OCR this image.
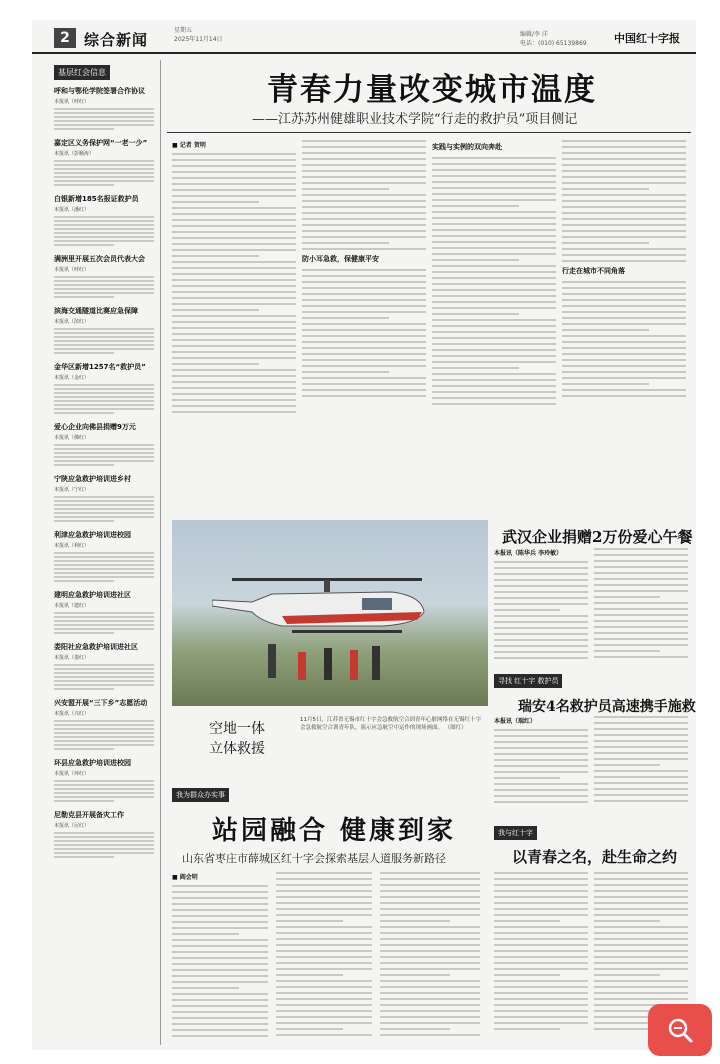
2 综合新闻
星期五
2025年11月14日
编辑/李 洋
电话：(010) 65139869 中国红十字报
基层红会信息
呼和与鄂伦学院签署合作协议
本报讯（呼红）
嘉定区义务保护网“一老一少”
本报讯（彭顺涛）
白银新增185名报证救护员
本报讯（潘红）
满洲里开展五次会员代表大会
本报讯（呼红）
滨海交通隧道比赛应急保障
本报讯（滨红）
金华区新增1257名“救护员”
本报讯（金红）
爱心企业向佛县捐赠9万元
本报讯（佛红）
宁陕应急救护培训进乡村
本报讯（宁红）
利津应急救护培训进校园
本报讯（利红）
建明应急救护培训进社区
本报讯（建红）
娄阳社应急救护培训进社区
本报讯（娄红）
兴安盟开展“三下乡”志愿活动
本报讯（兴红）
环县应急救护培训进校园
本报讯（环红）
尼勒克县开展备灾工作
本报讯（尼红）
青春力量改变城市温度
——江苏苏州健雄职业技术学院“行走的救护员”项目侧记
■ 记者 贺明
防小耳急救，保健康平安
实践与实例的双向奔赴
行走在城市不同角落
空地一体
立体救援
11月5日，江苏省无锡市红十字会急救航空合训青年心脏网络在无锡红十字会急救航空合训青年队，演示应急航空中运作的现场画面。 （图红）
武汉企业捐赠2万份爱心午餐
本报讯（陈华兵 李玲敏）
寻找 红十字 救护员
瑞安4名救护员高速携手施救
本报讯（瑞红）
我与红十字
以青春之名，赴生命之约
我为群众办实事
站园融合 健康到家
山东省枣庄市薛城区红十字会探索基层人道服务新路径
■ 阎会明
